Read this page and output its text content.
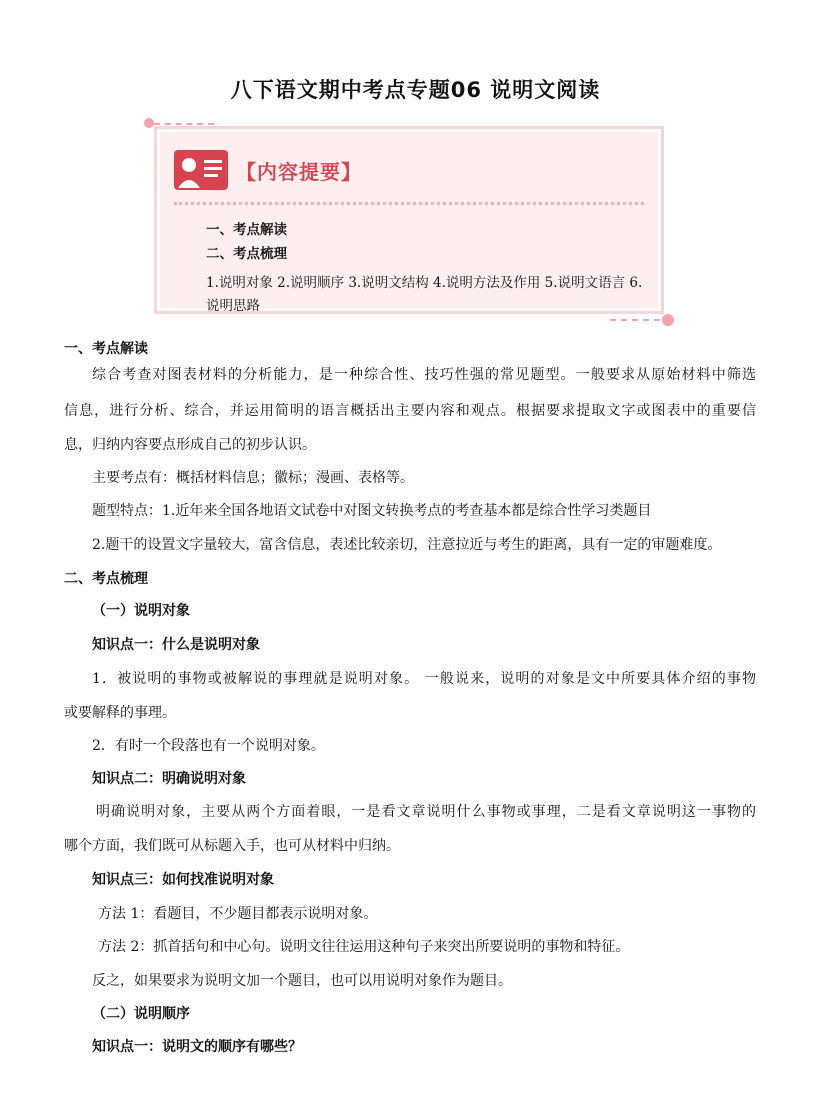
八下语文期中考点专题06 说明文阅读
【内容提要】
一、考点解读
二、考点梳理
1.说明对象 2.说明顺序 3.说明文结构 4.说明方法及作用 5.说明文语言 6.说明思路
一、考点解读
综合考查对图表材料的分析能力，是一种综合性、技巧性强的常见题型。一般要求从原始材料中筛选
信息，进行分析、综合，并运用简明的语言概括出主要内容和观点。根据要求提取文字或图表中的重要信
息，归纳内容要点形成自己的初步认识。
主要考点有：概括材料信息；徽标；漫画、表格等。
题型特点：1.近年来全国各地语文试卷中对图文转换考点的考查基本都是综合性学习类题目
2.题干的设置文字量较大，富含信息，表述比较亲切，注意拉近与考生的距离，具有一定的审题难度。
二、考点梳理
（一）说明对象
知识点一：什么是说明对象
1．被说明的事物或被解说的事理就是说明对象。 一般说来，说明的对象是文中所要具体介绍的事物
或要解释的事理。
2．有时一个段落也有一个说明对象。
知识点二：明确说明对象
明确说明对象，主要从两个方面着眼，一是看文章说明什么事物或事理，二是看文章说明这一事物的
哪个方面，我们既可从标题入手，也可从材料中归纳。
知识点三：如何找准说明对象
方法 1：看题目，不少题目都表示说明对象。
方法 2：抓首括句和中心句。说明文往往运用这种句子来突出所要说明的事物和特征。
反之，如果要求为说明文加一个题目，也可以用说明对象作为题目。
（二）说明顺序
知识点一：说明文的顺序有哪些？
